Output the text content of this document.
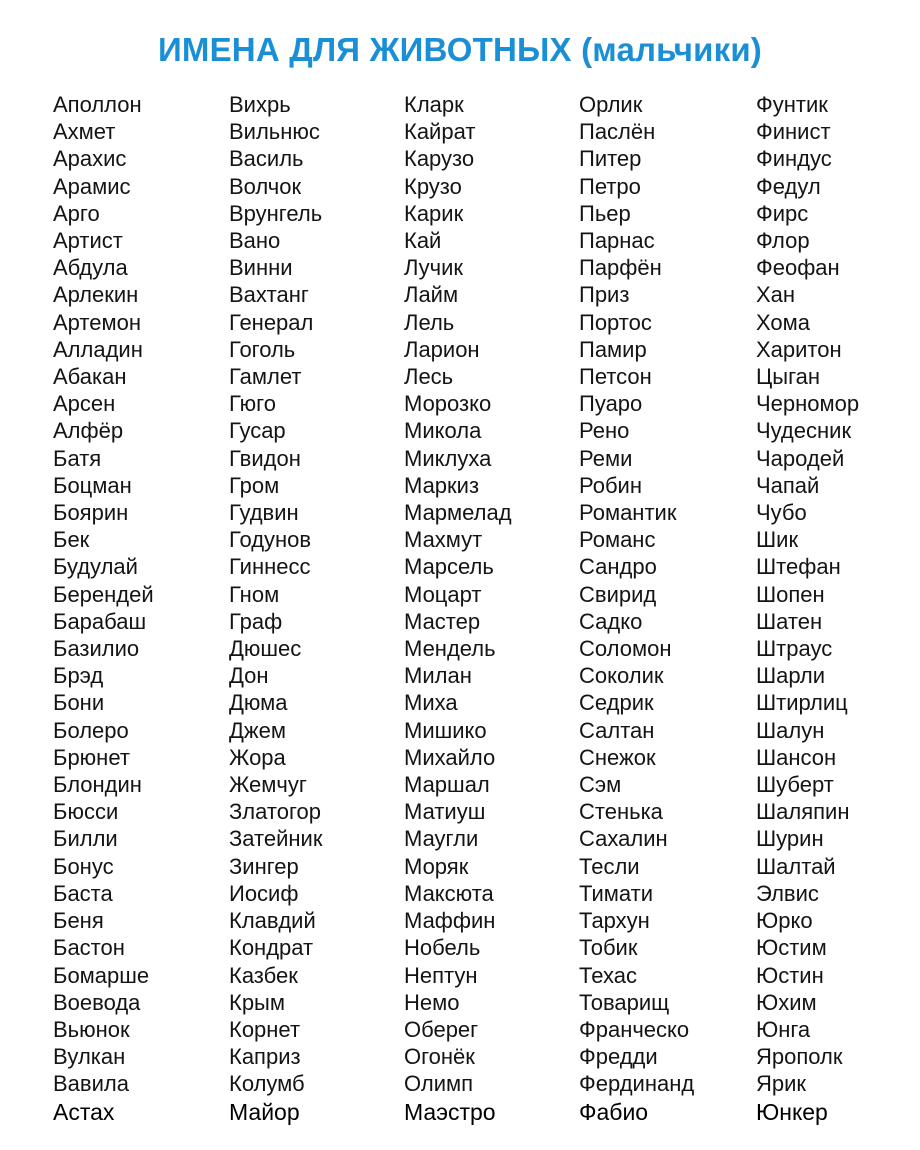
ИМЕНА ДЛЯ ЖИВОТНЫХ (мальчики)
Аполлон
Ахмет
Арахис
Арамис
Арго
Артист
Абдула
Арлекин
Артемон
Алладин
Абакан
Арсен
Алфёр
Батя
Боцман
Боярин
Бек
Будулай
Берендей
Барабаш
Базилио
Брэд
Бони
Болеро
Брюнет
Блондин
Бюсси
Билли
Бонус
Баста
Беня
Бастон
Бомарше
Воевода
Вьюнок
Вулкан
Вавила
Астах
Вихрь
Вильнюс
Василь
Волчок
Врунгель
Вано
Винни
Вахтанг
Генерал
Гоголь
Гамлет
Гюго
Гусар
Гвидон
Гром
Гудвин
Годунов
Гиннесс
Гном
Граф
Дюшес
Дон
Дюма
Джем
Жора
Жемчуг
Златогор
Затейник
Зингер
Иосиф
Клавдий
Кондрат
Казбек
Крым
Корнет
Каприз
Колумб
Майор
Кларк
Кайрат
Карузо
Крузо
Карик
Кай
Лучик
Лайм
Лель
Ларион
Лесь
Морозко
Микола
Миклуха
Маркиз
Мармелад
Махмут
Марсель
Моцарт
Мастер
Мендель
Милан
Миха
Мишико
Михайло
Маршал
Матиуш
Маугли
Моряк
Максюта
Маффин
Нобель
Нептун
Немо
Оберег
Огонёк
Олимп
Маэстро
Орлик
Паслён
Питер
Петро
Пьер
Парнас
Парфён
Приз
Портос
Памир
Петсон
Пуаро
Рено
Реми
Робин
Романтик
Романс
Сандро
Свирид
Садко
Соломон
Соколик
Седрик
Салтан
Снежок
Сэм
Стенька
Сахалин
Тесли
Тимати
Тархун
Тобик
Техас
Товарищ
Франческо
Фредди
Фердинанд
Фабио
Фунтик
Финист
Финдус
Федул
Фирс
Флор
Феофан
Хан
Хома
Харитон
Цыган
Черномор
Чудесник
Чародей
Чапай
Чубо
Шик
Штефан
Шопен
Шатен
Штраус
Шарли
Штирлиц
Шалун
Шансон
Шуберт
Шаляпин
Шурин
Шалтай
Элвис
Юрко
Юстим
Юстин
Юхим
Юнга
Ярополк
Ярик
Юнкер
